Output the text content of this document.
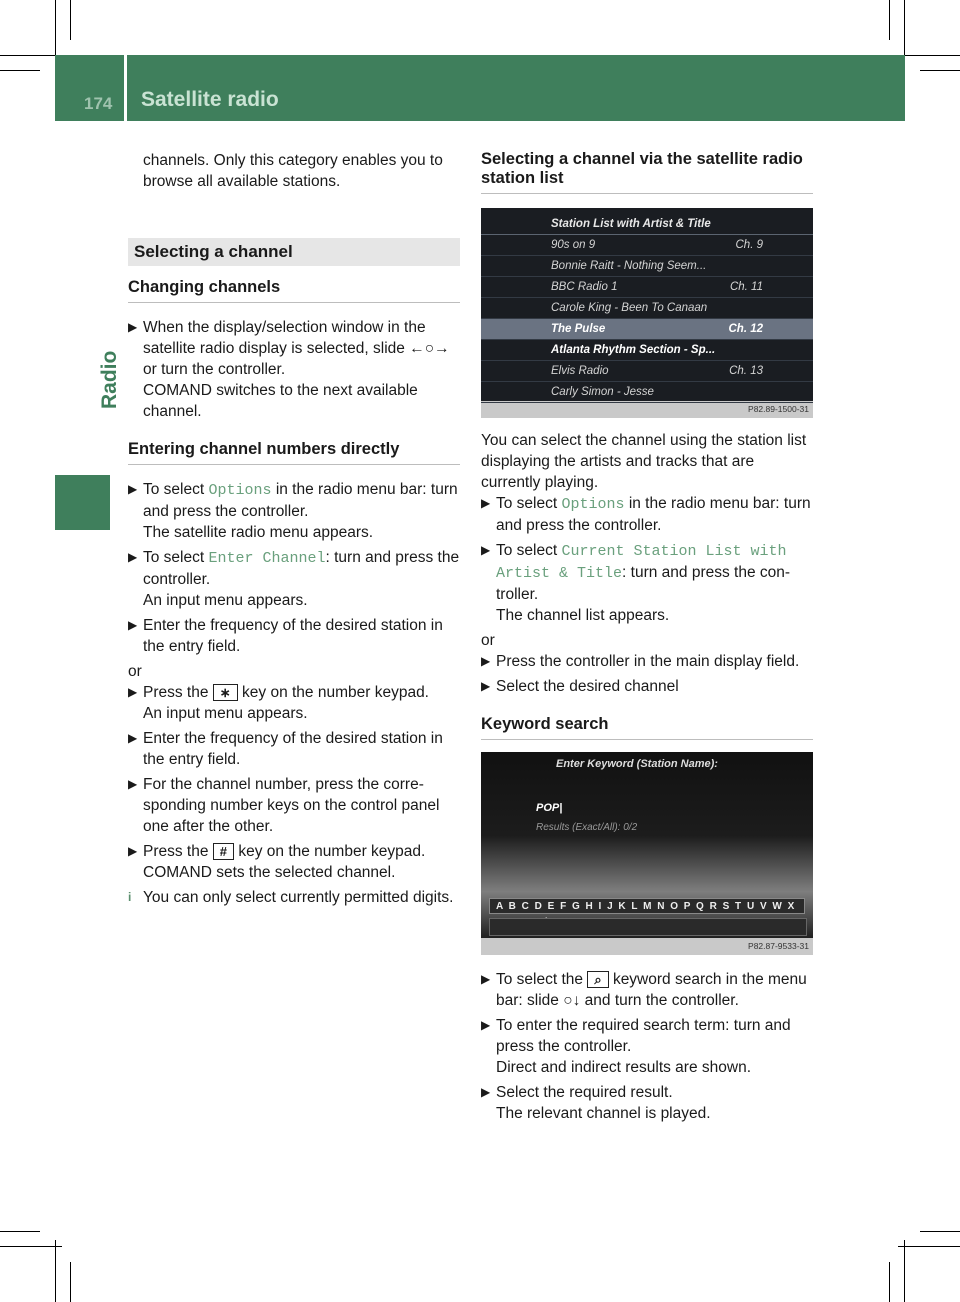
174 Satellite radio
Radio

channels. Only this category enables you to browse all available stations.

Selecting a channel
Changing channels
▶ When the display/selection window in the satellite radio display is selected, slide ←○→ or turn the controller.
COMAND switches to the next available channel.
Entering channel numbers directly
▶ To select Options in the radio menu bar: turn and press the controller.
The satellite radio menu appears.
▶ To select Enter Channel: turn and press the controller.
An input menu appears.
▶ Enter the frequency of the desired station in the entry field.

or

▶ Press the ∗ key on the number keypad.
An input menu appears.
▶ Enter the frequency of the desired station in the entry field.
▶ For the channel number, press the corre- sponding number keys on the control panel one after the other.
▶ Press the # key on the number keypad.
COMAND sets the selected channel.
i You can only select currently permitted digits.
Selecting a channel via the satellite radio station list
Station List with Artist & Title
90s on 9	Ch. 9
Bonnie Raitt - Nothing Seem...
BBC Radio 1	Ch. 11
Carole King - Been To Canaan
The Pulse	Ch. 12
Atlanta Rhythm Section - Sp...
Elvis Radio	Ch. 13
Carly Simon - Jesse
P82.89-1500-31

You can select the channel using the station list displaying the artists and tracks that are currently playing.

▶ To select Options in the radio menu bar: turn and press the controller.
▶ To select Current Station List with Artist & Title: turn and press the con- troller.
The channel list appears.

or

▶ Press the controller in the main display field.
▶ Select the desired channel
Keyword search
Enter Keyword (Station Name):
POP|
Results (Exact/All): 0/2
A B C D E F G H I J K L M N O P Q R S T U V W X
P82.87-9533-31
▶ To select the ⌕ keyword search in the menu bar: slide ○↓ and turn the controller.
▶ To enter the required search term: turn and press the controller.
Direct and indirect results are shown.
▶ Select the required result.
The relevant channel is played.
